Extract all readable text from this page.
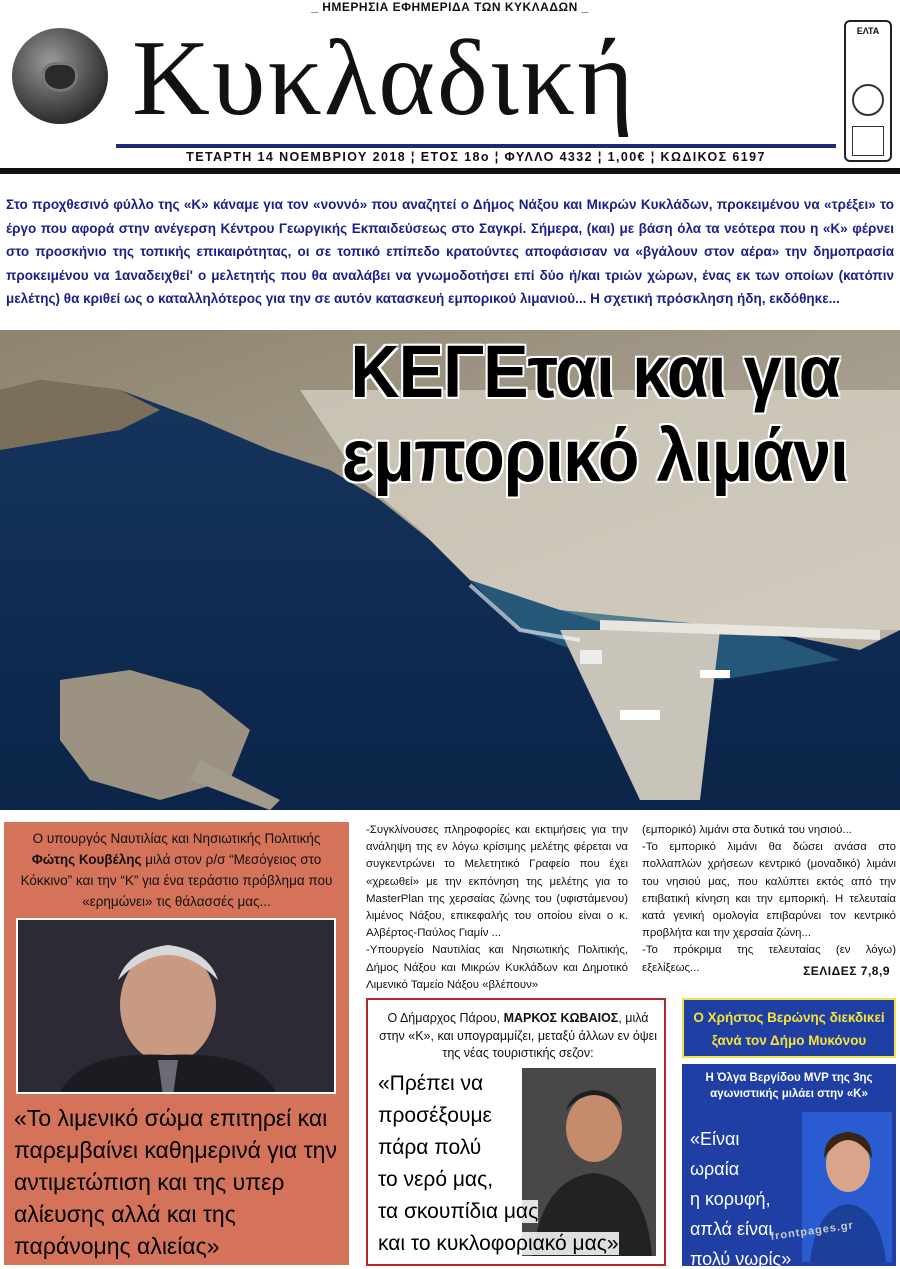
_ ΗΜΕΡΗΣΙΑ ΕΦΗΜΕΡΙΔΑ ΤΩΝ ΚΥΚΛΑΔΩΝ _
Κυκλαδική	ΕΛΤΑ
ΤΕΤΑΡΤΗ 14 ΝΟΕΜΒΡΙΟΥ 2018 ¦ ΕΤΟΣ 18ο ¦ ΦΥΛΛΟ 4332 ¦ 1,00€ ¦ ΚΩΔΙΚΟΣ 6197
Στο προχθεσινό φύλλο της «Κ» κάναμε για τον «νοννό» που αναζητεί ο Δήμος Νάξου και Μικρών Κυκλάδων, προκειμένου να «τρέξει» το έργο που αφορά στην ανέγερση Κέντρου Γεωργικής Εκπαιδεύσεως στο Σαγκρί. Σήμερα, (και) με βάση όλα τα νεότερα που η «Κ» φέρνει στο προσκήνιο της τοπικής επικαιρότητας, οι σε τοπικό επίπεδο κρατούντες αποφάσισαν να «βγάλουν στον αέρα» την δημοπρασία προκειμένου να 1αναδειχθεί' ο μελετητής που θα αναλάβει να γνωμοδοτήσει επί δύο ή/και τριών χώρων, ένας εκ των οποίων (κατόπιν μελέτης) θα κριθεί ως ο καταλληλότερος για την σε αυτόν κατασκευή εμπορικού λιμανιού... Η σχετική πρόσκληση ήδη, εκδόθηκε...
ΚΕΓΕται και για
εμπορικό λιμάνι
Ο υπουργός Ναυτιλίας και Νησιωτικής Πολιτικής Φώτης Κουβέλης μιλά στον ρ/σ “Μεσόγειος στο Κόκκινο” και την “Κ” για ένα τεράστιο πρόβλημα που «ερημώνει» τις θάλασσές μας...
«Το λιμενικό σώμα επιτηρεί και παρεμβαίνει καθημερινά για την αντιμετώπιση και της υπερ αλίευσης αλλά και της παράνομης αλιείας»

-Συγκλίνουσες πληροφορίες και εκτιμήσεις για την ανάληψη της εν λόγω κρίσιμης μελέτης φέρεται να συγκεντρώνει το Μελετητικό Γραφείο που έχει «χρεωθεί» με την εκπόνηση της μελέτης για το MasterPlan της χερσαίας ζώνης του (υφιστάμενου) λιμένος Νάξου, επικεφαλής του οποίου είναι ο κ. Αλβέρτος-Παύλος Γιαμίν ...

-Υπουργείο Ναυτιλίας και Νησιωτικής Πολιτικής, Δήμος Νάξου και Μικρών Κυκλάδων και Δημοτικό Λιμενικό Ταμείο Νάξου «βλέπουν»

(εμπορικό) λιμάνι στα δυτικά του νησιού...

-Το εμπορικό λιμάνι θα δώσει ανάσα στο πολλαπλών χρήσεων κεντρικό (μοναδικό) λιμάνι του νησιού μας, που καλύπτει εκτός από την επιβατική κίνηση και την εμπορική. Η τελευταία κατά γενική ομολογία επιβαρύνει τον κεντρικό προβλήτα και την χερσαία ζώνη...

-Το πρόκριμα της τελευταίας (εν λόγω) εξελίξεως...	ΣΕΛΙΔΕΣ 7,8,9
Ο Δήμαρχος Πάρου, ΜΑΡΚΟΣ ΚΩΒΑΙΟΣ, μιλά στην «Κ», και υπογραμμίζει, μεταξύ άλλων εν όψει της νέας τουριστικής σεζον:
«Πρέπει να
προσέξουμε
πάρα πολύ
το νερό μας,
τα σκουπίδια μας
και το κυκλοφοριακό μας»
Ο Χρήστος Βερώνης διεκδικεί
ξανά τον Δήμο Μυκόνου
Η Όλγα Βεργίδου MVP της 3ης αγωνιστικής μιλάει στην «Κ»
«Είναι
ωραία
η κορυφή,
απλά είναι
πολύ νωρίς»
frontpages.gr
